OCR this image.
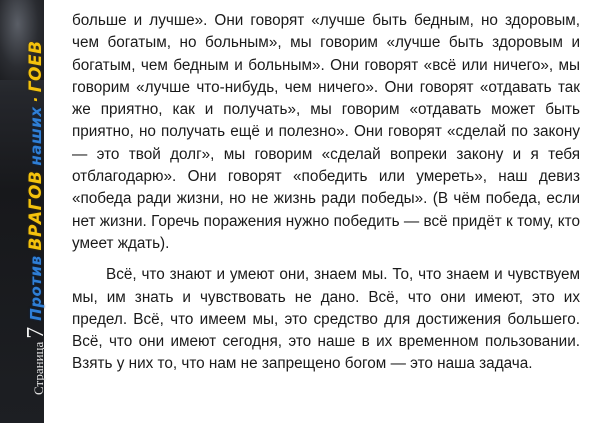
Страница
7
Против
ВРАГОВ
наших
·
ГОЕВ

больше и лучше». Они говорят «лучше быть бедным, но здоровым, чем богатым, но больным», мы говорим «лучше быть здоровым и богатым, чем бедным и больным». Они говорят «всё или ничего», мы говорим «лучше что-нибудь, чем ничего». Они говорят «отдавать так же приятно, как и получать», мы говорим «отдавать может быть приятно, но получать ещё и полезно». Они говорят «сделай по закону — это твой долг», мы говорим «сделай вопреки закону и я тебя отблагодарю». Они говорят «победить или умереть», наш девиз «победа ради жизни, но не жизнь ради победы». (В чём победа, если нет жизни. Горечь поражения нужно победить — всё придёт к тому, кто умеет ждать).

Всё, что знают и умеют они, знаем мы. То, что знаем и чувствуем мы, им знать и чувствовать не дано. Всё, что они имеют, это их предел. Всё, что имеем мы, это средство для достижения большего. Всё, что они имеют сегодня, это наше в их временном пользовании. Взять у них то, что нам не запрещено богом — это наша задача.
